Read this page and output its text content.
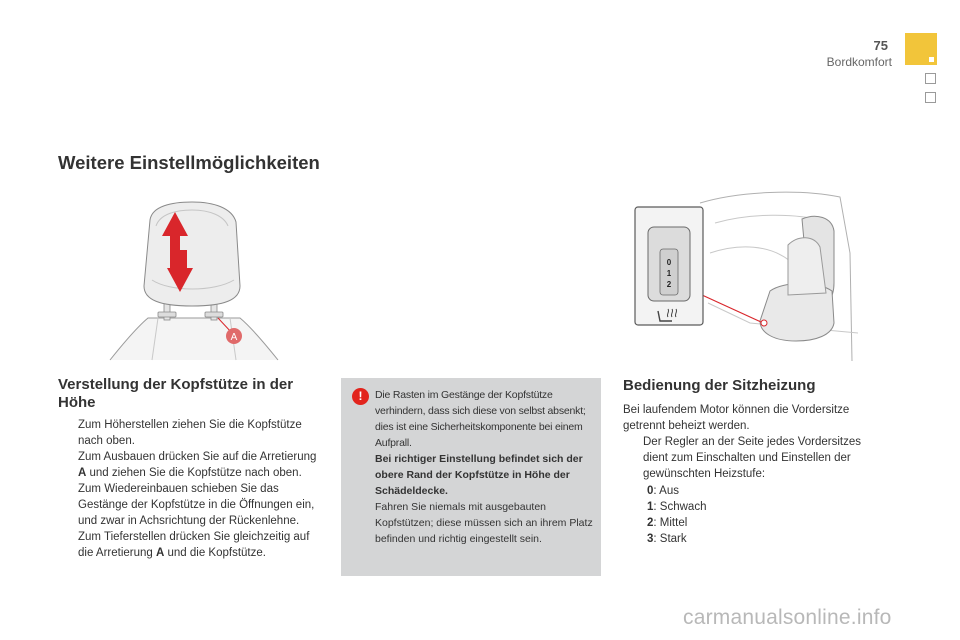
75
Bordkomfort
Weitere Einstellmöglichkeiten
A
0
1
2
Verstellung der Kopfstütze in der Höhe
Zum Höherstellen ziehen Sie die Kopfstütze nach oben.
Zum Ausbauen drücken Sie auf die Arretierung A und ziehen Sie die Kopfstütze nach oben.
Zum Wiedereinbauen schieben Sie das Gestänge der Kopfstütze in die Öffnungen ein, und zwar in Achsrichtung der Rückenlehne.
Zum Tieferstellen drücken Sie gleichzeitig auf die Arretierung A und die Kopfstütze.
!	Die Rasten im Gestänge der Kopfstütze verhindern, dass sich diese von selbst absenkt; dies ist eine Sicherheitskomponente bei einem Aufprall.
Bei richtiger Einstellung befindet sich der obere Rand der Kopfstütze in Höhe der Schädeldecke.
Fahren Sie niemals mit ausgebauten Kopfstützen; diese müssen sich an ihrem Platz befinden und richtig eingestellt sein.
Bedienung der Sitzheizung
Bei laufendem Motor können die Vordersitze getrennt beheizt werden.
Der Regler an der Seite jedes Vordersitzes dient zum Einschalten und Einstellen der gewünschten Heizstufe:
0: Aus
1: Schwach
2: Mittel
3: Stark
carmanualsonline.info
